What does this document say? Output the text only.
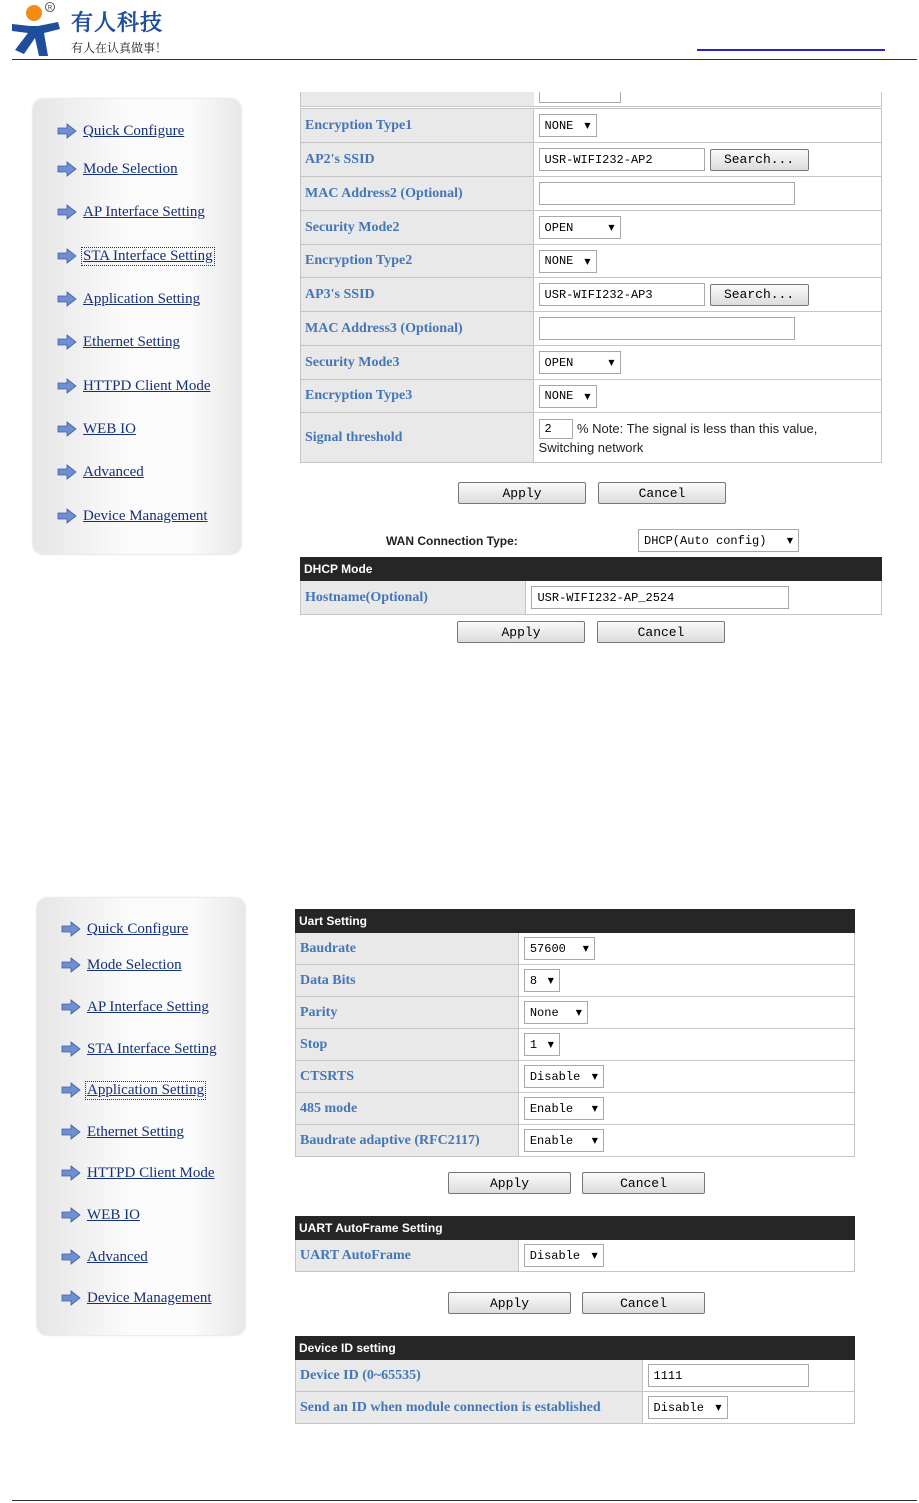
R
有人科技
有人在认真做事！
Quick Configure
Mode Selection
AP Interface Setting
STA Interface Setting
Application Setting
Ethernet Setting
HTTPD Client Mode
WEB IO
Advanced
Device Management
Encryption Type1	NONE ▼

AP2's SSID	USR-WIFI232-AP2 Search...
MAC Address2 (Optional)	
Security Mode2	OPEN ▼

Encryption Type2	NONE ▼

AP3's SSID	USR-WIFI232-AP3 Search...
MAC Address3 (Optional)	
Security Mode3	OPEN ▼

Encryption Type3	NONE ▼

Signal threshold	2 % Note: The signal is less than this value,
Switching network
Apply	Cancel
WAN Connection Type:	DHCP(Auto config)	▼
DHCP Mode
Hostname(Optional)	USR-WIFI232-AP_2524
Apply	Cancel
Quick Configure
Mode Selection
AP Interface Setting
STA Interface Setting
Application Setting
Ethernet Setting
HTTPD Client Mode
WEB IO
Advanced
Device Management
Uart Setting	
Baudrate	57600 ▼

Data Bits	8 ▼

Parity	None ▼

Stop	1 ▼

CTSRTS	Disable ▼

485 mode	Enable ▼

Baudrate adaptive (RFC2117)	Enable ▼
Apply	Cancel
UART AutoFrame Setting
UART AutoFrame	Disable ▼
Apply	Cancel
Device ID setting	
Device ID (0~65535)	1111
Send an ID when module connection is established	Disable ▼
